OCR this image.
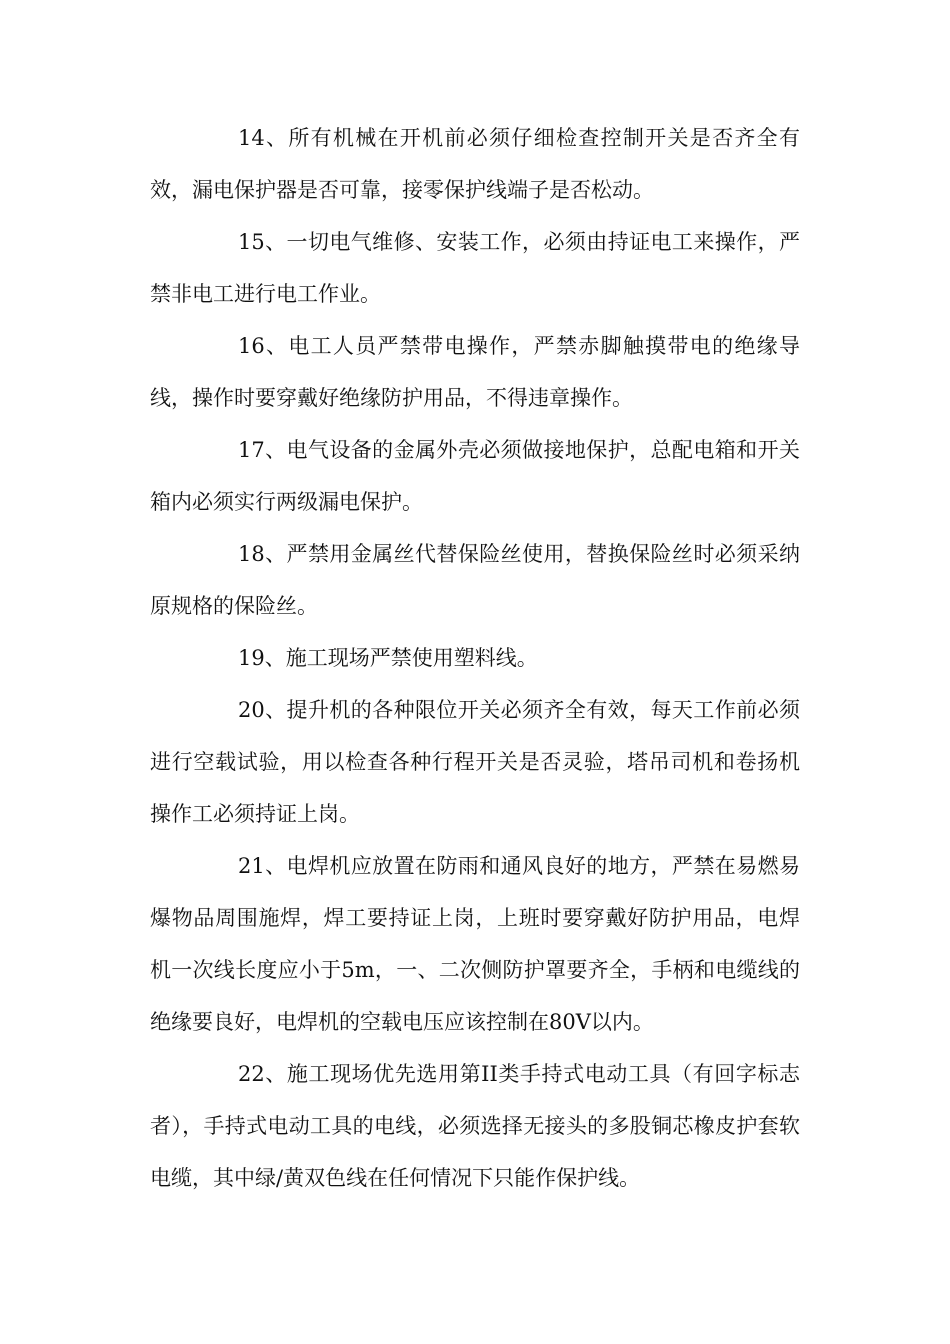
14、所有机械在开机前必须仔细检查控制开关是否齐全有效，漏电保护器是否可靠，接零保护线端子是否松动。

15、一切电气维修、安装工作，必须由持证电工来操作，严禁非电工进行电工作业。

16、电工人员严禁带电操作，严禁赤脚触摸带电的绝缘导线，操作时要穿戴好绝缘防护用品，不得违章操作。

17、电气设备的金属外壳必须做接地保护，总配电箱和开关箱内必须实行两级漏电保护。

18、严禁用金属丝代替保险丝使用，替换保险丝时必须采纳原规格的保险丝。

19、施工现场严禁使用塑料线。

20、提升机的各种限位开关必须齐全有效，每天工作前必须进行空载试验，用以检查各种行程开关是否灵验，塔吊司机和卷扬机操作工必须持证上岗。

21、电焊机应放置在防雨和通风良好的地方，严禁在易燃易爆物品周围施焊，焊工要持证上岗，上班时要穿戴好防护用品，电焊机一次线长度应小于5m，一、二次侧防护罩要齐全，手柄和电缆线的绝缘要良好，电焊机的空载电压应该控制在80V以内。

22、施工现场优先选用第II类手持式电动工具（有回字标志者），手持式电动工具的电线，必须选择无接头的多股铜芯橡皮护套软电缆，其中绿/黄双色线在任何情况下只能作保护线。
